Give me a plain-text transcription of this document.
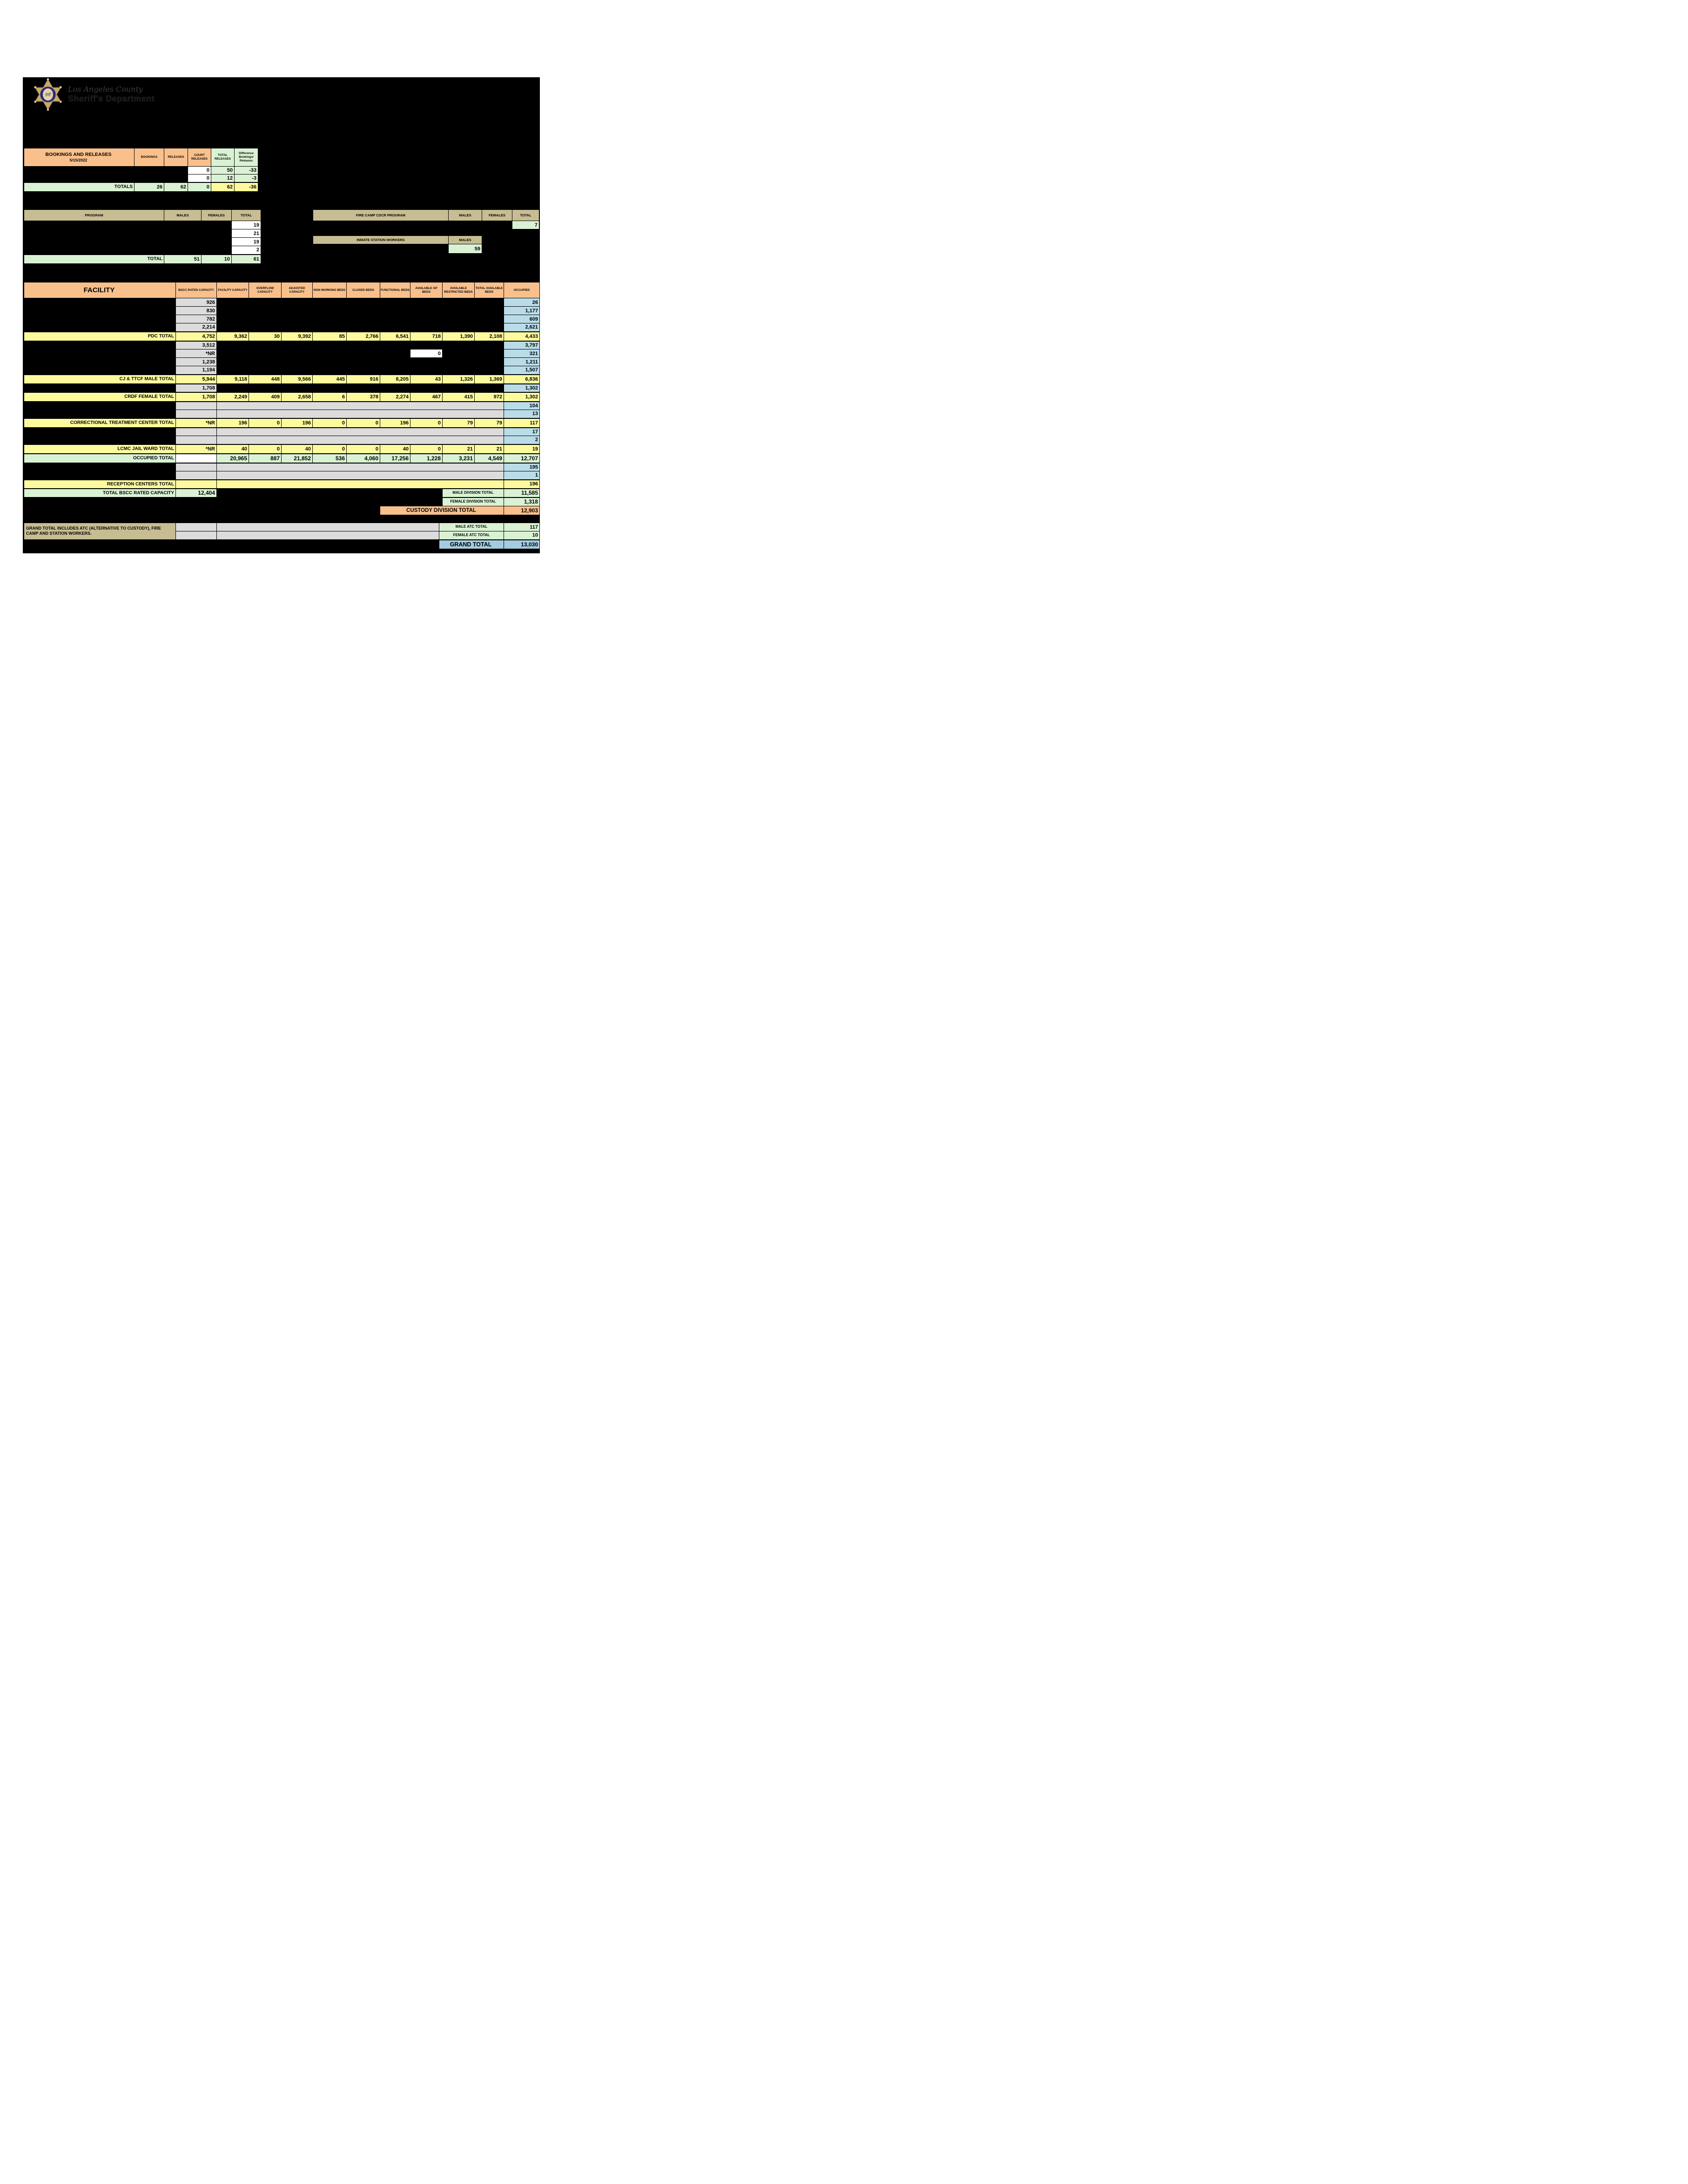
Los Angeles County
Sheriff's Department
BOOKINGS AND RELEASES
5/15/2022	BOOKINGS	RELEASES	COURT RELEASES	TOTAL RELEASES	Difference Bookings/ Releases
			0	50	-33
			0	12	-3
TOTALS	26	62	0	62	-36
PROGRAM	MALES	FEMALES	TOTAL
			19
			21
			19
			2
TOTAL	51	10	61
FIRE CAMP CDCR PROGRAM	MALES	FEMALES	TOTAL
			7
INMATE STATION WORKERS	MALES
	59
FACILITY	BSCC RATED CAPACITY	FACILITY CAPACITY	OVERFLOW CAPACITY	ADJUSTED CAPACITY	NON WORKING BEDS	CLOSED BEDS	FUNCTIONAL BEDS	AVAILABLE GP BEDS	AVAILABLE RESTRICTED BEDS	TOTAL AVAILABLE BEDS	OCCUPIED
	926										26
	830										1,177
	782										609
	2,214										2,621
PDC TOTAL	4,752	9,362	30	9,392	85	2,766	6,541	718	1,390	2,108	4,433
	3,512										3,797
	*NR							0			321
	1,238										1,211
	1,194										1,507
CJ & TTCF MALE TOTAL	5,944	9,118	448	9,566	445	916	8,205	43	1,326	1,369	6,836
	1,708										1,302
CRDF FEMALE TOTAL	1,708	2,249	409	2,658	6	378	2,274	467	415	972	1,302
											104
											13
CORRECTIONAL TREATMENT CENTER TOTAL	*NR	196	0	196	0	0	196	0	79	79	117
											17
											2
LCMC JAIL WARD TOTAL	*NR	40	0	40	0	0	40	0	21	21	19
OCCUPIED TOTAL		20,965	887	21,852	536	4,060	17,256	1,228	3,231	4,549	12,707
											195
											1
RECEPTION CENTERS TOTAL											196
TOTAL BSCC RATED CAPACITY	12,404								MALE DIVISION TOTAL		11,585
									FEMALE DIVISION TOTAL		1,318
							CUSTODY DIVISION TOTAL				12,903
GRAND TOTAL INCLUDES ATC (ALTERNATIVE TO CUSTODY), FIRE CAMP AND STATION WORKERS.			MALE ATC TOTAL	117
			FEMALE ATC TOTAL	10
			GRAND TOTAL	13,030
